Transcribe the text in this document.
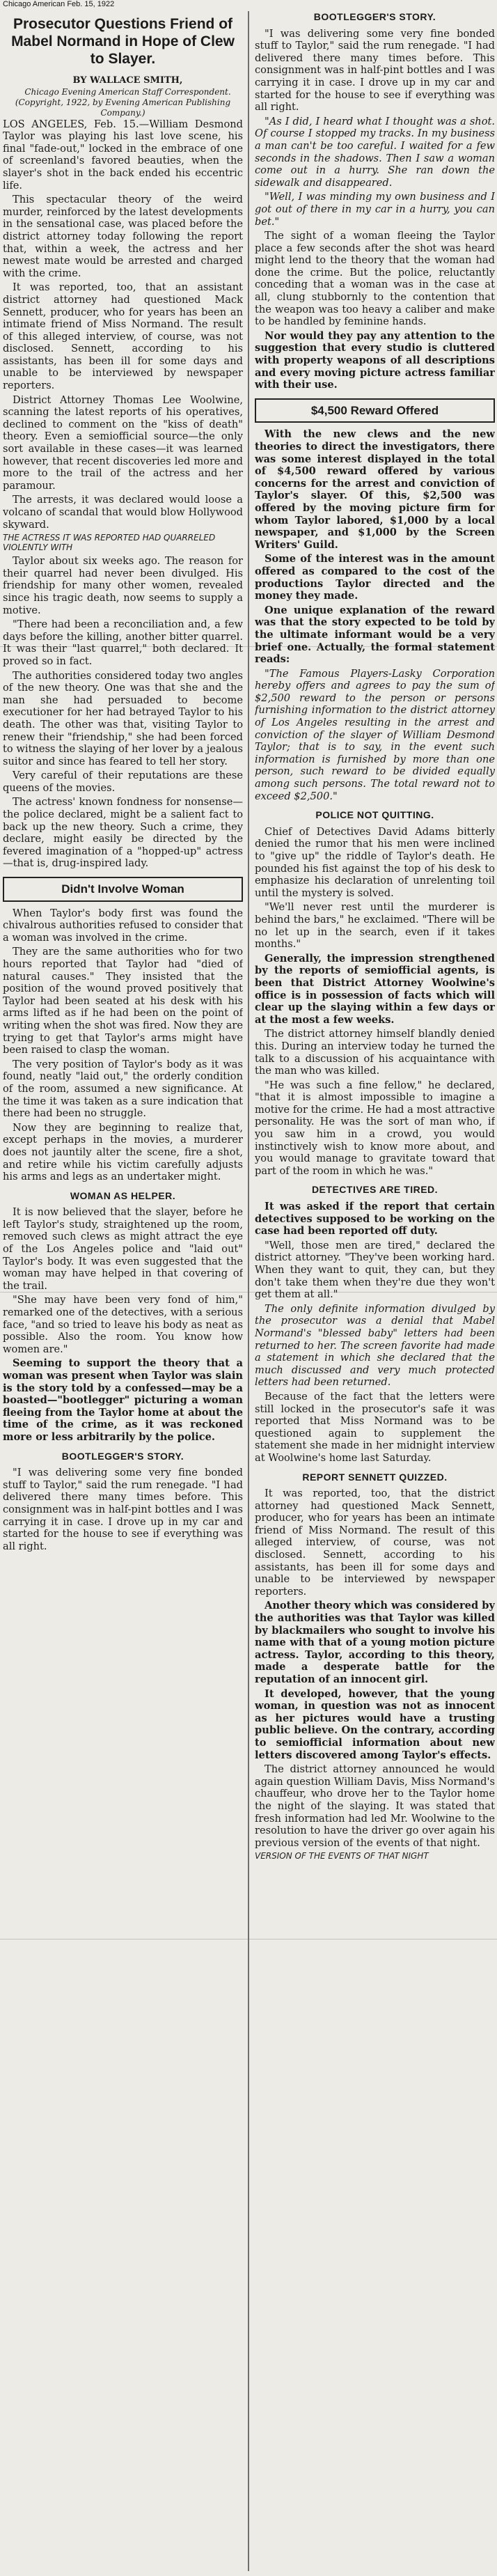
Chicago American Feb. 15, 1922
Prosecutor Questions Friend of Mabel Normand in Hope of Clew to Slayer.

BY WALLACE SMITH,

Chicago Evening American Staff Correspondent. (Copyright, 1922, by Evening American Publishing Company.)

LOS ANGELES, Feb. 15.—William Desmond Taylor was playing his last love scene, his final "fade-out," locked in the embrace of one of screenland's favored beauties, when the slayer's shot in the back ended his eccentric life.

This spectacular theory of the weird murder, reinforced by the latest developments in the sensational case, was placed before the district attorney today following the report that, within a week, the actress and her newest mate would be arrested and charged with the crime.

It was reported, too, that an assistant district attorney had questioned Mack Sennett, producer, who for years has been an intimate friend of Miss Normand. The result of this alleged interview, of course, was not disclosed. Sennett, according to his assistants, has been ill for some days and unable to be interviewed by newspaper reporters.

District Attorney Thomas Lee Woolwine, scanning the latest reports of his operatives, declined to comment on the "kiss of death" theory. Even a semiofficial source—the only sort available in these cases—it was learned however, that recent discoveries led more and more to the trail of the actress and her paramour.

The arrests, it was declared would loose a volcano of scandal that would blow Hollywood skyward.

THE ACTRESS IT WAS REPORTED HAD QUARRELED VIOLENTLY WITH

Taylor about six weeks ago. The reason for their quarrel had never been divulged. His friendship for many other women, revealed since his tragic death, now seems to supply a motive.

"There had been a reconciliation and, a few days before the killing, another bitter quarrel. It was their "last quarrel," both declared. It proved so in fact.

The authorities considered today two angles of the new theory. One was that she and the man she had persuaded to become executioner for her had betrayed Taylor to his death. The other was that, visiting Taylor to renew their "friendship," she had been forced to witness the slaying of her lover by a jealous suitor and since has feared to tell her story.

Very careful of their reputations are these queens of the movies.

The actress' known fondness for nonsense—the police declared, might be a salient fact to back up the new theory. Such a crime, they declare, might easily be directed by the fevered imagination of a "hopped-up" actress—that is, drug-inspired lady.

Didn't Involve Woman

When Taylor's body first was found the chivalrous authorities refused to consider that a woman was involved in the crime.

They are the same authorities who for two hours reported that Taylor had "died of natural causes." They insisted that the position of the wound proved positively that Taylor had been seated at his desk with his arms lifted as if he had been on the point of writing when the shot was fired. Now they are trying to get that Taylor's arms might have been raised to clasp the woman.

The very position of Taylor's body as it was found, neatly "laid out," the orderly condition of the room, assumed a new significance. At the time it was taken as a sure indication that there had been no struggle.

Now they are beginning to realize that, except perhaps in the movies, a murderer does not jauntily alter the scene, fire a shot, and retire while his victim carefully adjusts his arms and legs as an undertaker might.

WOMAN AS HELPER.

It is now believed that the slayer, before he left Taylor's study, straightened up the room, removed such clews as might attract the eye of the Los Angeles police and "laid out" Taylor's body. It was even suggested that the woman may have helped in that covering of the trail.

"She may have been very fond of him," remarked one of the detectives, with a serious face, "and so tried to leave his body as neat as possible. Also the room. You know how women are."

Seeming to support the theory that a woman was present when Taylor was slain is the story told by a confessed—may be a boasted—"bootlegger" picturing a woman fleeing from the Taylor home at about the time of the crime, as it was reckoned more or less arbitrarily by the police.

BOOTLEGGER'S STORY.

"I was delivering some very fine bonded stuff to Taylor," said the rum renegade. "I had delivered there many times before. This consignment was in half-pint bottles and I was carrying it in case. I drove up in my car and started for the house to see if everything was all right.

BOOTLEGGER'S STORY.

"I was delivering some very fine bonded stuff to Taylor," said the rum renegade. "I had delivered there many times before. This consignment was in half-pint bottles and I was carrying it in case. I drove up in my car and started for the house to see if everything was all right.

"As I did, I heard what I thought was a shot. Of course I stopped my tracks. In my business a man can't be too careful. I waited for a few seconds in the shadows. Then I saw a woman come out in a hurry. She ran down the sidewalk and disappeared.

"Well, I was minding my own business and I got out of there in my car in a hurry, you can bet."

The sight of a woman fleeing the Taylor place a few seconds after the shot was heard might lend to the theory that the woman had done the crime. But the police, reluctantly conceding that a woman was in the case at all, clung stubbornly to the contention that the weapon was too heavy a caliber and make to be handled by feminine hands.

Nor would they pay any attention to the suggestion that every studio is cluttered with property weapons of all descriptions and every moving picture actress familiar with their use.

$4,500 Reward Offered

With the new clews and the new theories to direct the investigators, there was some interest displayed in the total of $4,500 reward offered by various concerns for the arrest and conviction of Taylor's slayer. Of this, $2,500 was offered by the moving picture firm for whom Taylor labored, $1,000 by a local newspaper, and $1,000 by the Screen Writers' Guild.

Some of the interest was in the amount offered as compared to the cost of the productions Taylor directed and the money they made.

One unique explanation of the reward was that the story expected to be told by the ultimate informant would be a very brief one. Actually, the formal statement reads:

"The Famous Players-Lasky Corporation hereby offers and agrees to pay the sum of $2,500 reward to the person or persons furnishing information to the district attorney of Los Angeles resulting in the arrest and conviction of the slayer of William Desmond Taylor; that is to say, in the event such information is furnished by more than one person, such reward to be divided equally among such persons. The total reward not to exceed $2,500."

POLICE NOT QUITTING.

Chief of Detectives David Adams bitterly denied the rumor that his men were inclined to "give up" the riddle of Taylor's death. He pounded his fist against the top of his desk to emphasize his declaration of unrelenting toil until the mystery is solved.

"We'll never rest until the murderer is behind the bars," he exclaimed. "There will be no let up in the search, even if it takes months."

Generally, the impression strengthened by the reports of semiofficial agents, is been that District Attorney Woolwine's office is in possession of facts which will clear up the slaying within a few days or at the most a few weeks.

The district attorney himself blandly denied this. During an interview today he turned the talk to a discussion of his acquaintance with the man who was killed.

"He was such a fine fellow," he declared, "that it is almost impossible to imagine a motive for the crime. He had a most attractive personality. He was the sort of man who, if you saw him in a crowd, you would instinctively wish to know more about, and you would manage to gravitate toward that part of the room in which he was."

DETECTIVES ARE TIRED.

It was asked if the report that certain detectives supposed to be working on the case had been reported off duty.

"Well, those men are tired," declared the district attorney. "They've been working hard. When they want to quit, they can, but they don't take them when they're due they won't get them at all."

The only definite information divulged by the prosecutor was a denial that Mabel Normand's "blessed baby" letters had been returned to her. The screen favorite had made a statement in which she declared that the much discussed and very much protected letters had been returned.

Because of the fact that the letters were still locked in the prosecutor's safe it was reported that Miss Normand was to be questioned again to supplement the statement she made in her midnight interview at Woolwine's home last Saturday.

REPORT SENNETT QUIZZED.

It was reported, too, that the district attorney had questioned Mack Sennett, producer, who for years has been an intimate friend of Miss Normand. The result of this alleged interview, of course, was not disclosed. Sennett, according to his assistants, has been ill for some days and unable to be interviewed by newspaper reporters.

Another theory which was considered by the authorities was that Taylor was killed by blackmailers who sought to involve his name with that of a young motion picture actress. Taylor, according to this theory, made a desperate battle for the reputation of an innocent girl.

It developed, however, that the young woman, in question was not as innocent as her pictures would have a trusting public believe. On the contrary, according to semiofficial information about new letters discovered among Taylor's effects.

The district attorney announced he would again question William Davis, Miss Normand's chauffeur, who drove her to the Taylor home the night of the slaying. It was stated that fresh information had led Mr. Woolwine to the resolution to have the driver go over again his previous version of the events of that night.

VERSION OF THE EVENTS OF THAT NIGHT
